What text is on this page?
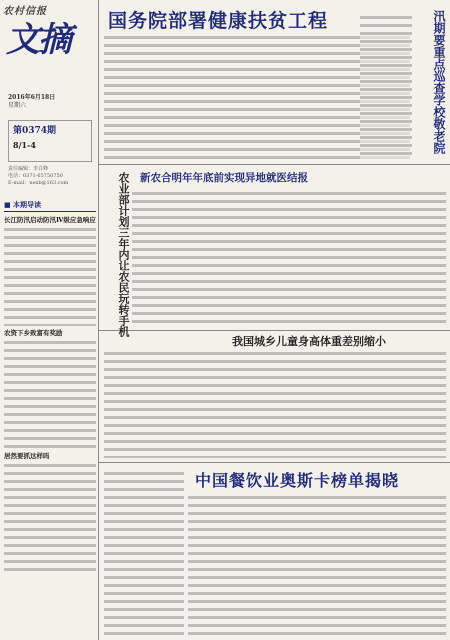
农村信报
文摘
2016年6月18日
星期六
第0374期
8/1-4
责任编辑：李召峰
电话：0371-65750750
E-mail：nexb@163.com
■ 本期导读
长江防汛启动防汛Ⅳ级应急响应
农资下乡致富有奖励
居然要抓这样吗
国务院部署健康扶贫工程	汛期要重点巡查学校敬老院
农业部计划三年内让农民玩转手机 新农合明年年底前实现异地就医结报
我国城乡儿童身高体重差别缩小
中国餐饮业奥斯卡榜单揭晓
